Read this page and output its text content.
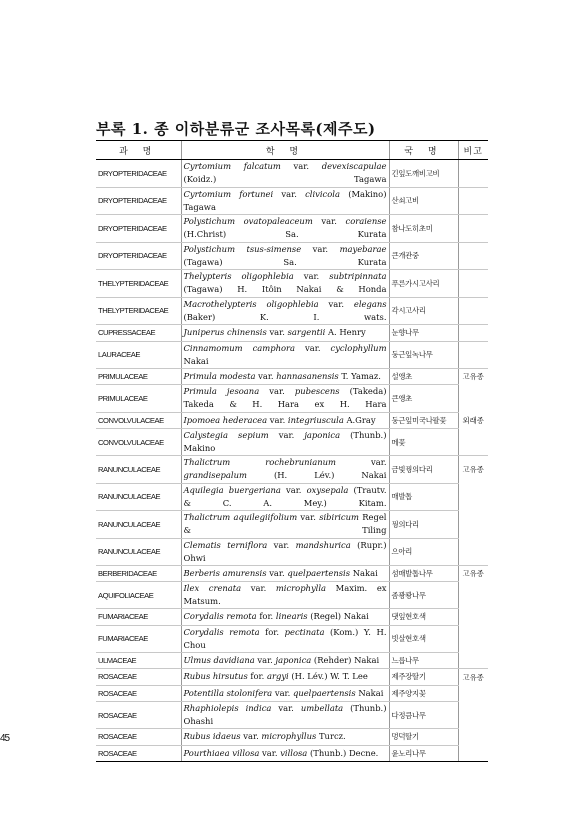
부록 1. 종 이하분류군 조사목록(제주도)
과 명	학 명	국 명	비고
DRYOPTERIDACEAE	Cyrtomium falcatum var. devexiscapulae (Koidz.) Tagawa	긴잎도깨비고비	
DRYOPTERIDACEAE	Cyrtomium fortunei var. clivicola (Makino) Tagawa	산쇠고비	
DRYOPTERIDACEAE	Polystichum ovatopaleaceum var. coraiense (H.Christ) Sa. Kurata	참나도히초미	
DRYOPTERIDACEAE	Polystichum tsus-simense var. mayebarae (Tagawa) Sa. Kurata	큰개관중	
THELYPTERIDACEAE	Thelypteris oligophlebia var. subtripinnata (Tagawa) H. Itôin Nakai & Honda	푸른가시고사리	
THELYPTERIDACEAE	Macrothelypteris oligophlebia var. elegans (Baker) K. I. wats.	각시고사리	
CUPRESSACEAE	Juniperus chinensis var. sargentii A. Henry	눈향나무	
LAURACEAE	Cinnamomum camphora var. cyclophyllum Nakai	둥근잎녹나무	
PRIMULACEAE	Primula modesta var. hannasanensis T. Yamaz.	설앵초	고유종
PRIMULACEAE	Primula jesoana var. pubescens (Takeda) Takeda & H. Hara ex H. Hara	큰앵초	
CONVOLVULACEAE	Ipomoea hederacea var. integriuscula A.Gray	둥근잎미국나팔꽃	외래종
CONVOLVULACEAE	Calystegia sepium var. japonica (Thunb.) Makino	메꽃	
RANUNCULACEAE	Thalictrum rochebrunianum var. grandisepalum (H. Lév.) Nakai	금빛꿩의다리	고유종
RANUNCULACEAE	Aquilegia buergeriana var. oxysepala (Trautv. & C. A. Mey.) Kitam.	매발톱	
RANUNCULACEAE	Thalictrum aquilegiifolium var. sibiricum Regel & Tiling	꿩의다리	
RANUNCULACEAE	Clematis terniflora var. mandshurica (Rupr.) Ohwi	으아리	
BERBERIDACEAE	Berberis amurensis var. quelpaertensis Nakai	섬매발톱나무	고유종
AQUIFOLIACEAE	Ilex crenata var. microphylla Maxim. ex Matsum.	좀꽝꽝나무	
FUMARIACEAE	Corydalis remota for. linearis (Regel) Nakai	댓잎현호색	
FUMARIACEAE	Corydalis remota for. pectinata (Kom.) Y. H. Chou	빗살현호색	
ULMACEAE	Ulmus davidiana var. japonica (Rehder) Nakai	느릅나무	
ROSACEAE	Rubus hirsutus for. argyi (H. Lév.) W. T. Lee	제주장딸기	고유종
ROSACEAE	Potentilla stolonifera var. quelpaertensis Nakai	제주양지꽃	
ROSACEAE	Rhaphiolepis indica var. umbellata (Thunb.) Ohashi	다정큼나무	
ROSACEAE	Rubus idaeus var. microphyllus Turcz.	멍덕딸기	
ROSACEAE	Pourthiaea villosa var. villosa (Thunb.) Decne.	윤노리나무	
45
